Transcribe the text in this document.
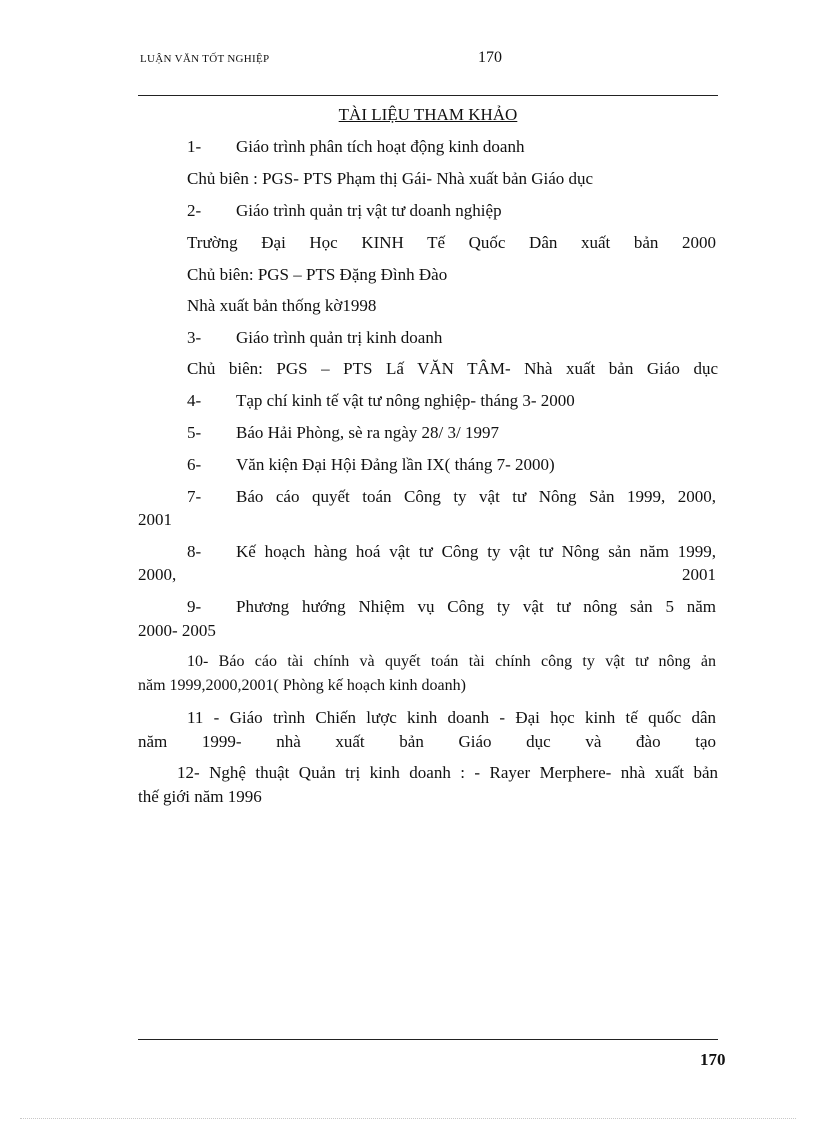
LUẬN VĂN TỐT NGHIỆP	170
TÀI LIỆU THAM KHẢO
1- Giáo trình phân tích hoạt động kinh doanh
Chủ biên : PGS- PTS Phạm thị Gái- Nhà xuất bản Giáo dục
2- Giáo trình quản trị vật tư doanh nghiệp
Trường Đại Học KINH Tế Quốc Dân xuất bản 2000
Chủ biên: PGS – PTS Đặng Đình Đào
Nhà xuất bản thống kờ1998
3- Giáo trình quản trị kinh doanh
Chủ biên: PGS – PTS Lấ VĂN TÂM- Nhà xuất bản Giáo dục
4- Tạp chí kinh tế vật tư nông nghiệp- tháng 3- 2000
5- Báo Hải Phòng, sè ra ngày 28/ 3/ 1997
6- Văn kiện Đại Hội Đảng lần IX( tháng 7- 2000)
7- Báo cáo quyết toán Công ty vật tư Nông Sản 1999, 2000,
2001
8- Kế hoạch hàng hoá vật tư Công ty vật tư Nông sản năm 1999,
2000,	2001
9- Phương hướng Nhiệm vụ Công ty vật tư nông sản 5 năm
2000- 2005
10- Báo cáo tài chính và quyết toán tài chính công ty vật tư nông ản
năm 1999,2000,2001( Phòng kế hoạch kinh doanh)
11 - Giáo trình Chiến lược kinh doanh - Đại học kinh tế quốc dân
năm 1999- nhà xuất bản Giáo dục và đào tạo
12- Nghệ thuật Quản trị kinh doanh : - Rayer Merphere- nhà xuất bản
thế giới năm 1996
170
